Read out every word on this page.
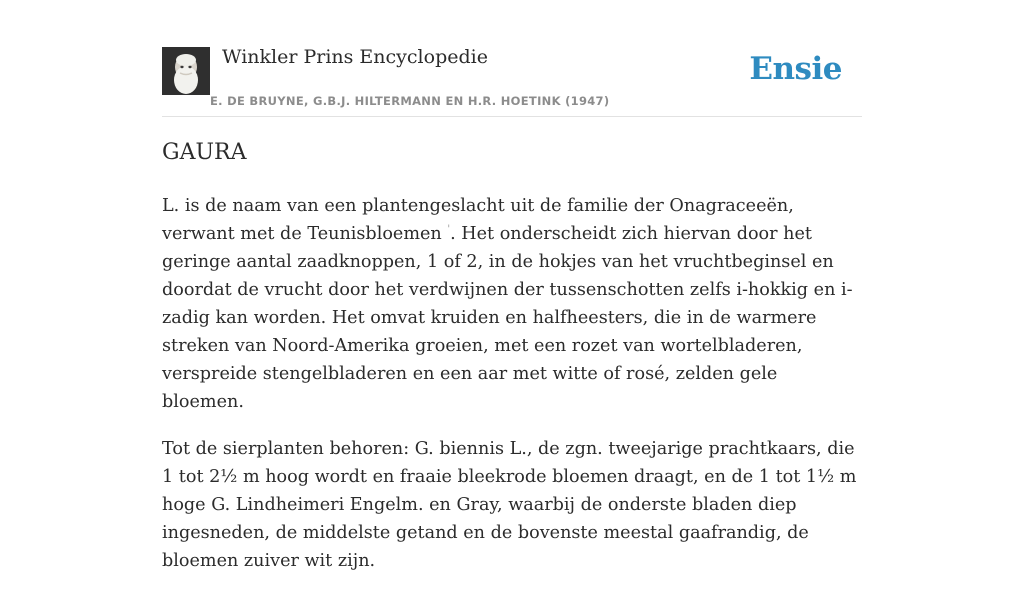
Winkler Prins Encyclopedie
E. DE BRUYNE, G.B.J. HILTERMANN EN H.R. HOETINK (1947)
Ensie
GAURA

L. is de naam van een plantengeslacht uit de familie der Onagraceeën, verwant met de Teunisbloemen '. Het onderscheidt zich hiervan door het geringe aantal zaadknoppen, 1 of 2, in de hokjes van het vruchtbeginsel en doordat de vrucht door het verdwijnen der tussenschotten zelfs i-hokkig en i-zadig kan worden. Het omvat kruiden en halfheesters, die in de warmere streken van Noord-Amerika groeien, met een rozet van wortelbladeren, verspreide stengelbladeren en een aar met witte of rosé, zelden gele bloemen.

Tot de sierplanten behoren: G. biennis L., de zgn. tweejarige prachtkaars, die 1 tot 2½ m hoog wordt en fraaie bleekrode bloemen draagt, en de 1 tot 1½ m hoge G. Lindheimeri Engelm. en Gray, waarbij de onderste bladen diep ingesneden, de middelste getand en de bovenste meestal gaafrandig, de bloemen zuiver wit zijn.
